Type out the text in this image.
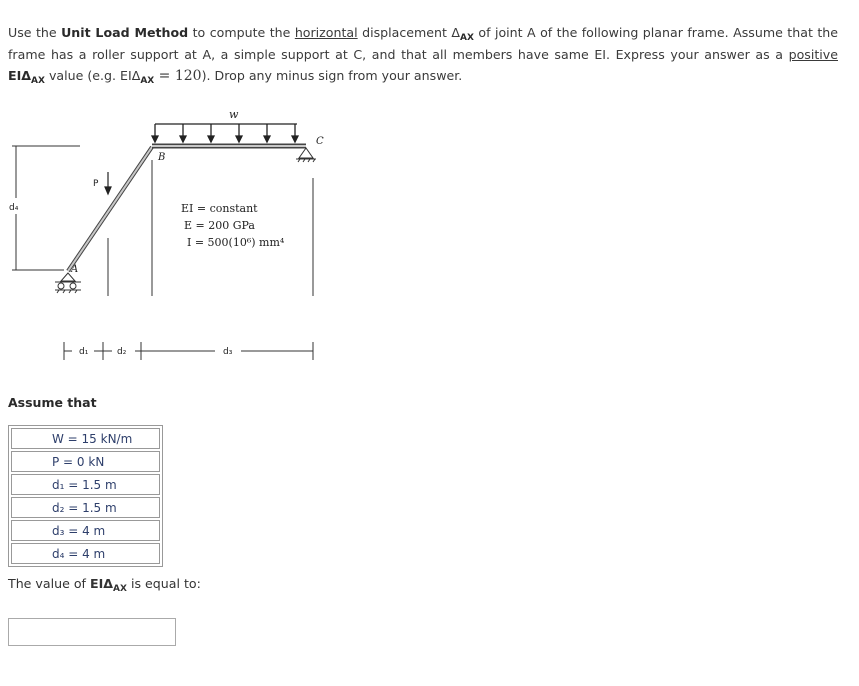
Use the Unit Load Method to compute the horizontal displacement $\Delta_{AX}$ of joint A of the following planar frame. Assume that the frame has a roller support at A, a simple support at C, and that all members have same EI. Express your answer as a positive $EI\Delta_{AX}$ value (e.g. $EI\Delta_{AX} = 120$). Drop any minus sign from your answer.
w
C
B
P
A
d₄	EI = constant
E = 200 GPa
I = 500(10⁶) mm⁴
d₁	d₂	d₃
Assume that
W = 15 kN/m
P = 0 kN
d₁ = 1.5 m
d₂ = 1.5 m
d₃ = 4 m
d₄ = 4 m
The value of $EI\Delta_{AX}$ is equal to:
